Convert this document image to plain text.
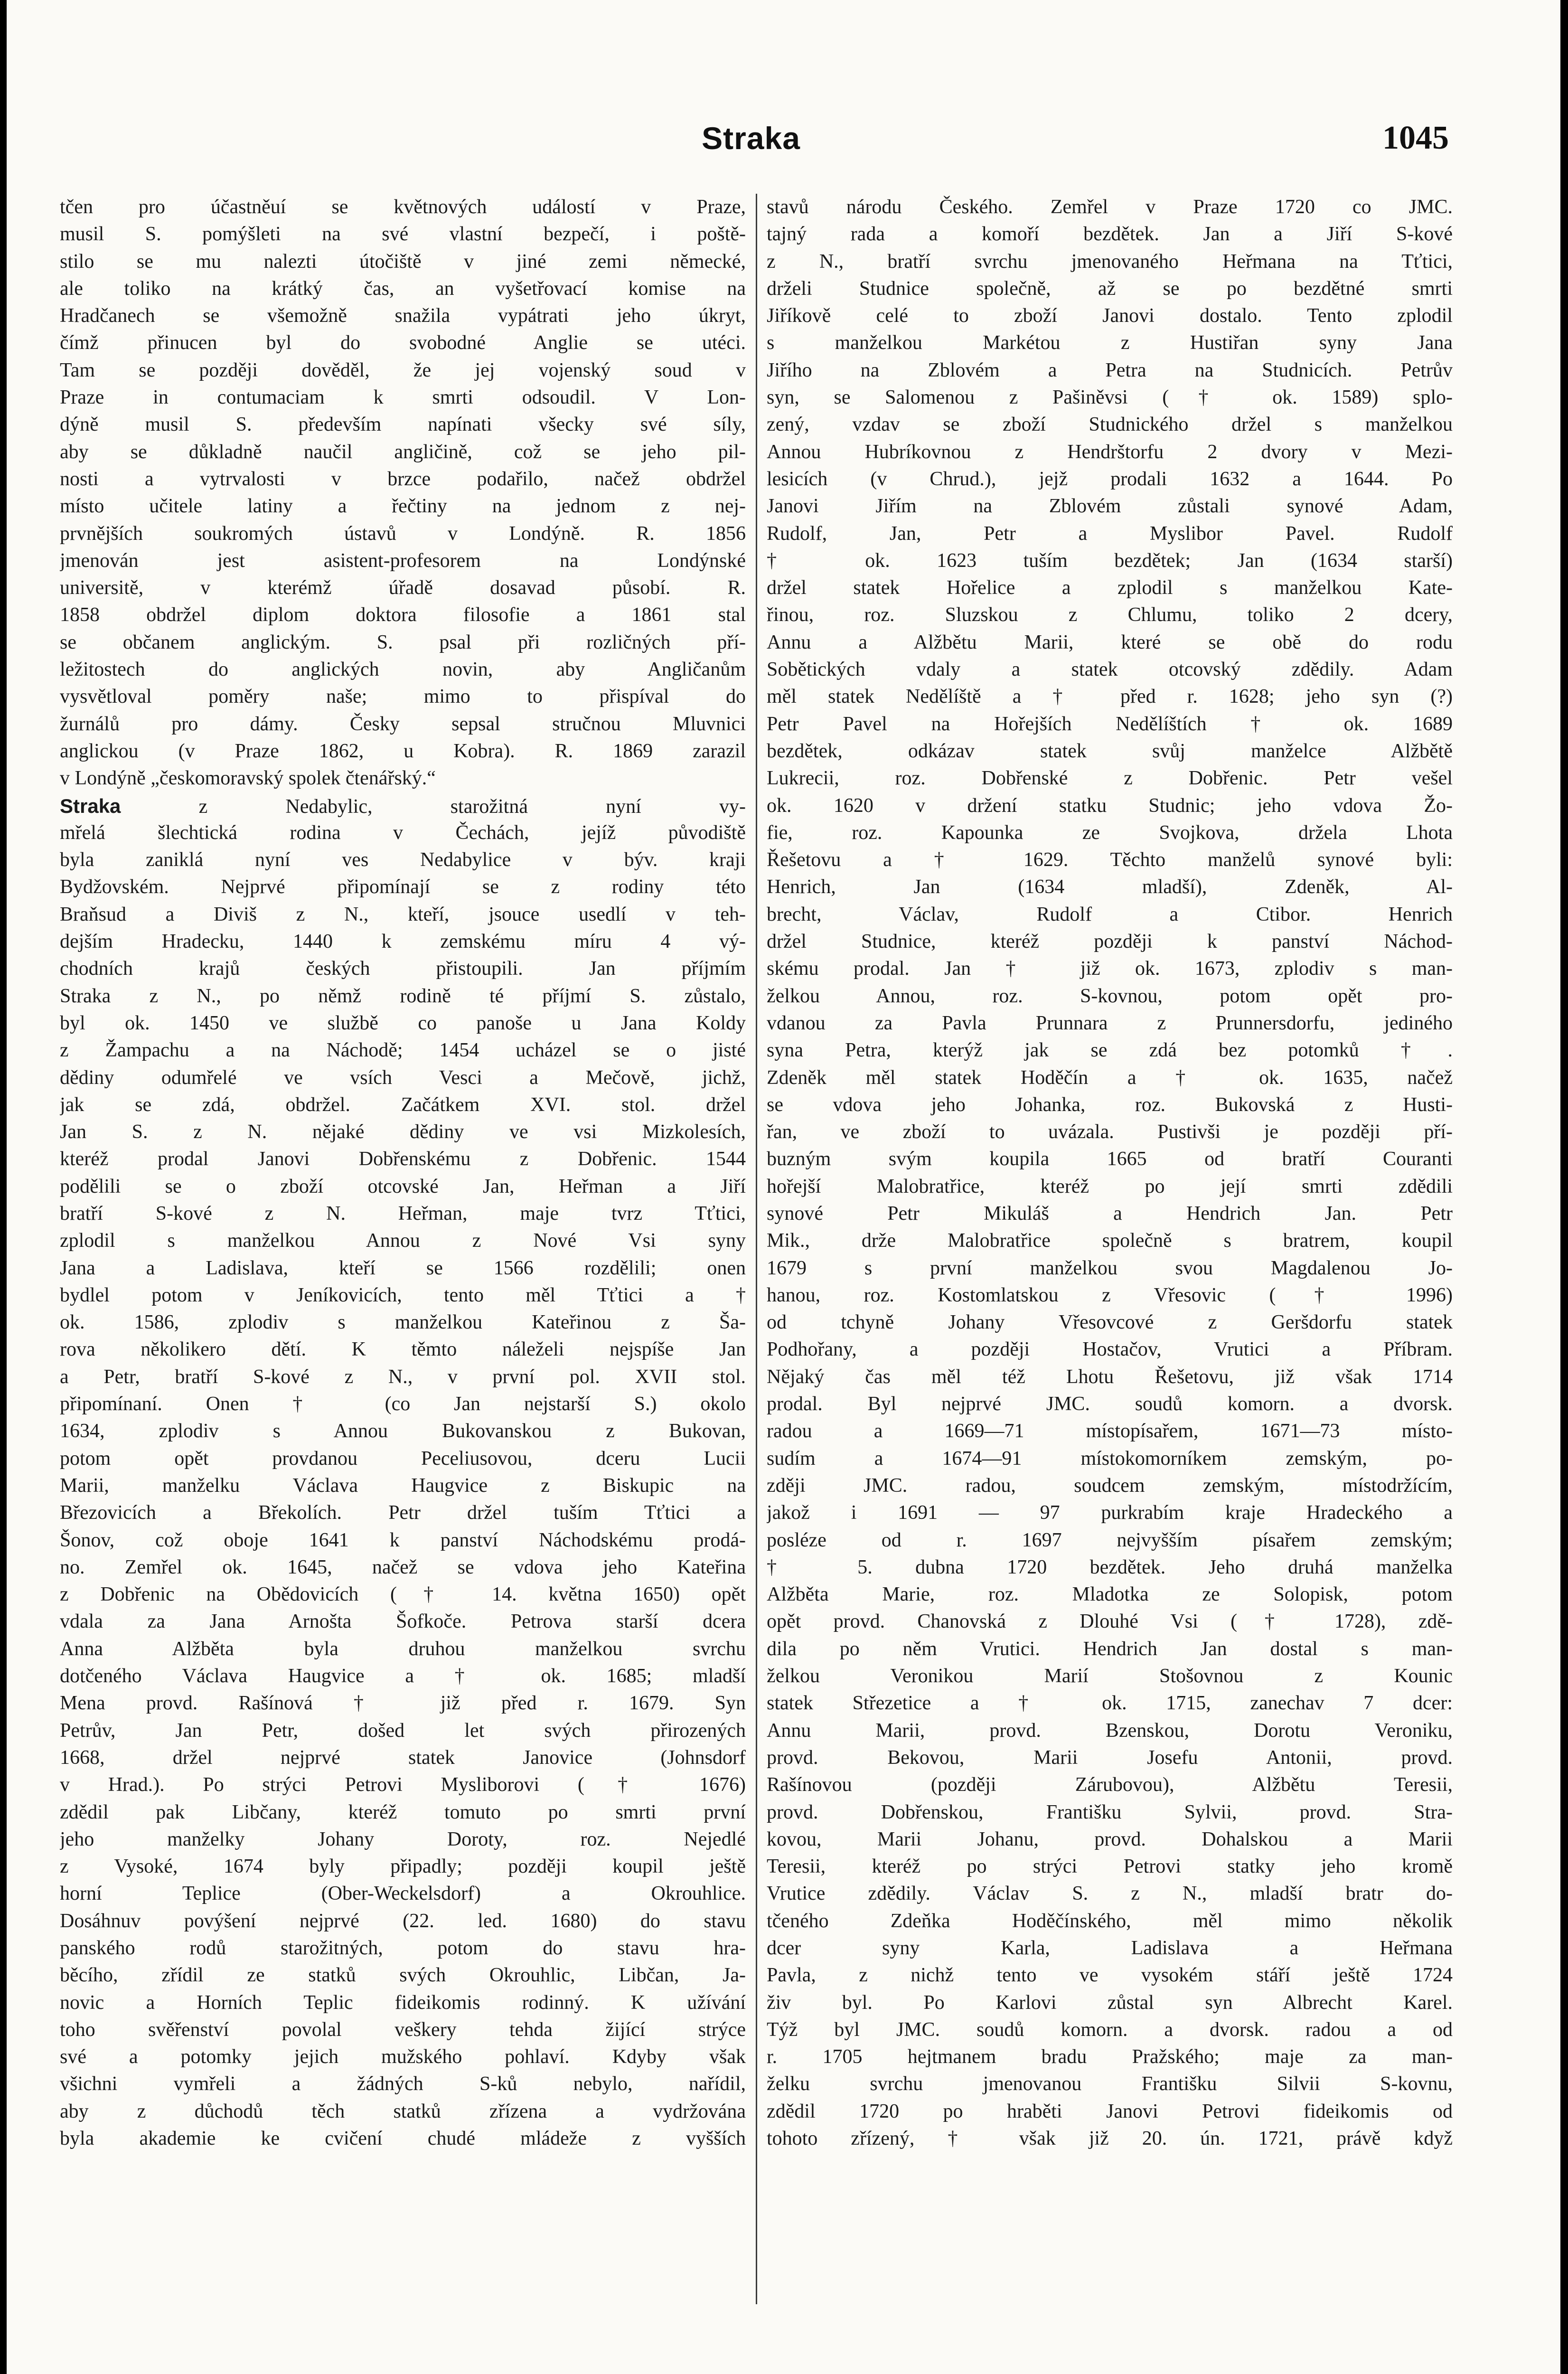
Straka	1045
tčen pro účastněuí se květnových událostí v Praze,
musil S. pomýšleti na své vlastní bezpečí, i poště-
stilo se mu nalezti útočiště v jiné zemi německé,
ale toliko na krátký čas, an vyšetřovací komise na
Hradčanech se všemožně snažila vypátrati jeho úkryt,
čímž přinucen byl do svobodné Anglie se utéci.
Tam se později dověděl, že jej vojenský soud v
Praze in contumaciam k smrti odsoudil. V Lon-
dýně musil S. především napínati všecky své síly,
aby se důkladně naučil angličině, což se jeho pil-
nosti a vytrvalosti v brzce podařilo, načež obdržel
místo učitele latiny a řečtiny na jednom z nej-
prvnějších soukromých ústavů v Londýně. R. 1856
jmenován jest asistent-profesorem na Londýnské
universitě, v kterémž úřadě dosavad působí. R.
1858 obdržel diplom doktora filosofie a 1861 stal
se občanem anglickým. S. psal při rozličných pří-
ležitostech do anglických novin, aby Angličanům
vysvětloval poměry naše; mimo to přispíval do
žurnálů pro dámy. Česky sepsal stručnou Mluvnici
anglickou (v Praze 1862, u Kobra). R. 1869 zarazil
v Londýně „českomoravský spolek čtenářský.“
Straka z Nedabylic, starožitná nyní vy-
mřelá šlechtická rodina v Čechách, jejíž původiště
byla zaniklá nyní ves Nedabylice v býv. kraji
Bydžovském. Nejprvé připomínají se z rodiny této
Braňsud a Diviš z N., kteří, jsouce usedlí v teh-
dejším Hradecku, 1440 k zemskému míru 4 vý-
chodních krajů českých přistoupili. Jan příjmím
Straka z N., po němž rodině té příjmí S. zůstalo,
byl ok. 1450 ve službě co panoše u Jana Koldy
z Žampachu a na Náchodě; 1454 ucházel se o jisté
dědiny odumřelé ve vsích Vesci a Mečově, jichž,
jak se zdá, obdržel. Začátkem XVI. stol. držel
Jan S. z N. nějaké dědiny ve vsi Mizkolesích,
kteréž prodal Janovi Dobřenskému z Dobřenic. 1544
podělili se o zboží otcovské Jan, Heřman a Jiří
bratří S-kové z N. Heřman, maje tvrz Tťtici,
zplodil s manželkou Annou z Nové Vsi syny
Jana a Ladislava, kteří se 1566 rozdělili; onen
bydlel potom v Jeníkovicích, tento měl Tťtici a †
ok. 1586, zplodiv s manželkou Kateřinou z Ša-
rova několikero dětí. K těmto náleželi nejspíše Jan
a Petr, bratří S-kové z N., v první pol. XVII stol.
připomínaní. Onen † (co Jan nejstarší S.) okolo
1634, zplodiv s Annou Bukovanskou z Bukovan,
potom opět provdanou Peceliusovou, dceru Lucii
Marii, manželku Václava Haugvice z Biskupic na
Březovicích a Břekolích. Petr držel tuším Tťtici a
Šonov, což oboje 1641 k panství Náchodskému prodá-
no. Zemřel ok. 1645, načež se vdova jeho Kateřina
z Dobřenic na Obědovicích († 14. května 1650) opět
vdala za Jana Arnošta Šofkoče. Petrova starší dcera
Anna Alžběta byla druhou manželkou svrchu
dotčeného Václava Haugvice a † ok. 1685; mladší
Mena provd. Rašínová † již před r. 1679. Syn
Petrův, Jan Petr, došed let svých přirozených
1668, držel nejprvé statek Janovice (Johnsdorf
v Hrad.). Po strýci Petrovi Mysliborovi († 1676)
zdědil pak Libčany, kteréž tomuto po smrti první
jeho manželky Johany Doroty, roz. Nejedlé
z Vysoké, 1674 byly připadly; později koupil ještě
horní Teplice (Ober-Weckelsdorf) a Okrouhlice.
Dosáhnuv povýšení nejprvé (22. led. 1680) do stavu
panského rodů starožitných, potom do stavu hra-
běcího, zřídil ze statků svých Okrouhlic, Libčan, Ja-
novic a Horních Teplic fideikomis rodinný. K užívání
toho svěřenství povolal veškery tehda žijící strýce
své a potomky jejich mužského pohlaví. Kdyby však
všichni vymřeli a žádných S-ků nebylo, nařídil,
aby z důchodů těch statků zřízena a vydržována
byla akademie ke cvičení chudé mládeže z vyšších
stavů národu Českého. Zemřel v Praze 1720 co JMC.
tajný rada a komoří bezdětek. Jan a Jiří S-kové
z N., bratří svrchu jmenovaného Heřmana na Tťtici,
drželi Studnice společně, až se po bezdětné smrti
Jiříkově celé to zboží Janovi dostalo. Tento zplodil
s manželkou Markétou z Hustiřan syny Jana
Jiřího na Zblovém a Petra na Studnicích. Petrův
syn, se Salomenou z Pašiněvsi († ok. 1589) splo-
zený, vzdav se zboží Studnického držel s manželkou
Annou Hubríkovnou z Hendrštorfu 2 dvory v Mezi-
lesicích (v Chrud.), jejž prodali 1632 a 1644. Po
Janovi Jiřím na Zblovém zůstali synové Adam,
Rudolf, Jan, Petr a Myslibor Pavel. Rudolf
† ok. 1623 tuším bezdětek; Jan (1634 starší)
držel statek Hořelice a zplodil s manželkou Kate-
řinou, roz. Sluzskou z Chlumu, toliko 2 dcery,
Annu a Alžbětu Marii, které se obě do rodu
Sobětických vdaly a statek otcovský zdědily. Adam
měl statek Nedělíště a † před r. 1628; jeho syn (?)
Petr Pavel na Hořejších Nedělíštích † ok. 1689
bezdětek, odkázav statek svůj manželce Alžbětě
Lukrecii, roz. Dobřenské z Dobřenic. Petr vešel
ok. 1620 v držení statku Studnic; jeho vdova Žo-
fie, roz. Kapounka ze Svojkova, držela Lhota
Řešetovu a † 1629. Těchto manželů synové byli:
Henrich, Jan (1634 mladší), Zdeněk, Al-
brecht, Václav, Rudolf a Ctibor. Henrich
držel Studnice, kteréž později k panství Náchod-
skému prodal. Jan † již ok. 1673, zplodiv s man-
želkou Annou, roz. S-kovnou, potom opět pro-
vdanou za Pavla Prunnara z Prunnersdorfu, jediného
syna Petra, kterýž jak se zdá bez potomků †.
Zdeněk měl statek Hoděčín a † ok. 1635, načež
se vdova jeho Johanka, roz. Bukovská z Husti-
řan, ve zboží to uvázala. Pustivši je později pří-
buzným svým koupila 1665 od bratří Couranti
hořejší Malobratřice, kteréž po její smrti zdědili
synové Petr Mikuláš a Hendrich Jan. Petr
Mik., drže Malobratřice společně s bratrem, koupil
1679 s první manželkou svou Magdalenou Jo-
hanou, roz. Kostomlatskou z Vřesovic († 1996)
od tchyně Johany Vřesovcové z Geršdorfu statek
Podhořany, a později Hostačov, Vrutici a Příbram.
Nějaký čas měl též Lhotu Řešetovu, již však 1714
prodal. Byl nejprvé JMC. soudů komorn. a dvorsk.
radou a 1669—71 místopísařem, 1671—73 místo-
sudím a 1674—91 místokomorníkem zemským, po-
zději JMC. radou, soudcem zemským, místodržícím,
jakož i 1691 — 97 purkrabím kraje Hradeckého a
posléze od r. 1697 nejvyšším písařem zemským;
† 5. dubna 1720 bezdětek. Jeho druhá manželka
Alžběta Marie, roz. Mladotka ze Solopisk, potom
opět provd. Chanovská z Dlouhé Vsi († 1728), zdě-
dila po něm Vrutici. Hendrich Jan dostal s man-
želkou Veronikou Marií Stošovnou z Kounic
statek Střezetice a † ok. 1715, zanechav 7 dcer:
Annu Marii, provd. Bzenskou, Dorotu Veroniku,
provd. Bekovou, Marii Josefu Antonii, provd.
Rašínovou (později Zárubovou), Alžbětu Teresii,
provd. Dobřenskou, Františku Sylvii, provd. Stra-
kovou, Marii Johanu, provd. Dohalskou a Marii
Teresii, kteréž po strýci Petrovi statky jeho kromě
Vrutice zdědily. Václav S. z N., mladší bratr do-
tčeného Zdeňka Hoděčínského, měl mimo několik
dcer syny Karla, Ladislava a Heřmana
Pavla, z nichž tento ve vysokém stáří ještě 1724
živ byl. Po Karlovi zůstal syn Albrecht Karel.
Týž byl JMC. soudů komorn. a dvorsk. radou a od
r. 1705 hejtmanem bradu Pražského; maje za man-
želku svrchu jmenovanou Františku Silvii S-kovnu,
zdědil 1720 po hraběti Janovi Petrovi fideikomis od
tohoto zřízený, † však již 20. ún. 1721, právě když
